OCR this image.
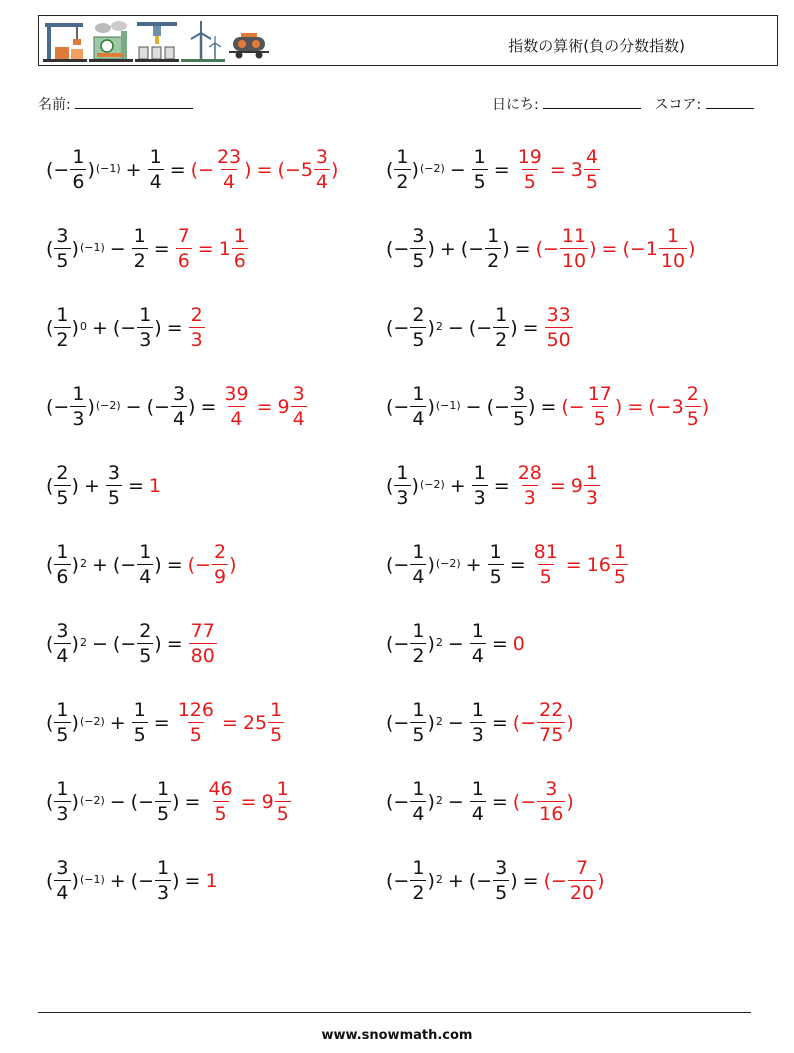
指数の算術(負の分数指数)
名前:	日にち:	スコア:
(− $\frac{1}{6}$ ) $(-1) + \frac{1}{4}$ = (− $\frac{23}{4}$ ) = (− $5 \frac{3}{4}$ )	( $\frac{1}{2}$ ) $(-2) - \frac{1}{5} = \frac{19}{5} = 3 \frac{4}{5}$
( $\frac{3}{5}$ ) $(-1) - \frac{1}{2} = \frac{7}{6} = 1 \frac{1}{6}$	(− $\frac{3}{5}$ ) + (− $\frac{1}{2}$ ) = (− $\frac{11}{10}$ ) = (− $1 \frac{1}{10}$ )
( $\frac{1}{2}$ ) 0 + (− $\frac{1}{3}$ ) = $\frac{2}{3}$	(− $\frac{2}{5}$ ) 2 − (− $\frac{1}{2}$ ) = $\frac{33}{50}$
(− $\frac{1}{3}$ ) (−2) − (− $\frac{3}{4}$ ) = $\frac{39}{4} = 9 \frac{3}{4}$	(− $\frac{1}{4}$ ) (−1) − (− $\frac{3}{5}$ ) = (− $\frac{17}{5}$ ) = (− $3 \frac{2}{5}$ )
( $\frac{2}{5}$ ) + $\frac{3}{5} = 1$	( $\frac{1}{3}$ ) $(-2) + \frac{1}{3} = \frac{28}{3} = 9 \frac{1}{3}$
( $\frac{1}{6}$ ) 2 + (− $\frac{1}{4}$ ) = (− $\frac{2}{9}$ )	(− $\frac{1}{4}$ ) $(-2) + \frac{1}{5} = \frac{81}{5} = 16 \frac{1}{5}$
( $\frac{3}{4}$ ) 2 − (− $\frac{2}{5}$ ) = $\frac{77}{80}$	(− $\frac{1}{2}$ ) $2 - \frac{1}{4} = 0$
( $\frac{1}{5}$ ) $(-2) + \frac{1}{5} = \frac{126}{5} = 25 \frac{1}{5}$	(− $\frac{1}{5}$ ) $2 - \frac{1}{3}$ = (− $\frac{22}{75}$ )
( $\frac{1}{3}$ ) (−2) − (− $\frac{1}{5}$ ) = $\frac{46}{5} = 9 \frac{1}{5}$	(− $\frac{1}{4}$ ) $2 - \frac{1}{4}$ = (− $\frac{3}{16}$ )
( $\frac{3}{4}$ ) (−1) + (− $\frac{1}{3}$ ) = 1	(− $\frac{1}{2}$ ) 2 + (− $\frac{3}{5}$ ) = (− $\frac{7}{20}$ )
www.snowmath.com
